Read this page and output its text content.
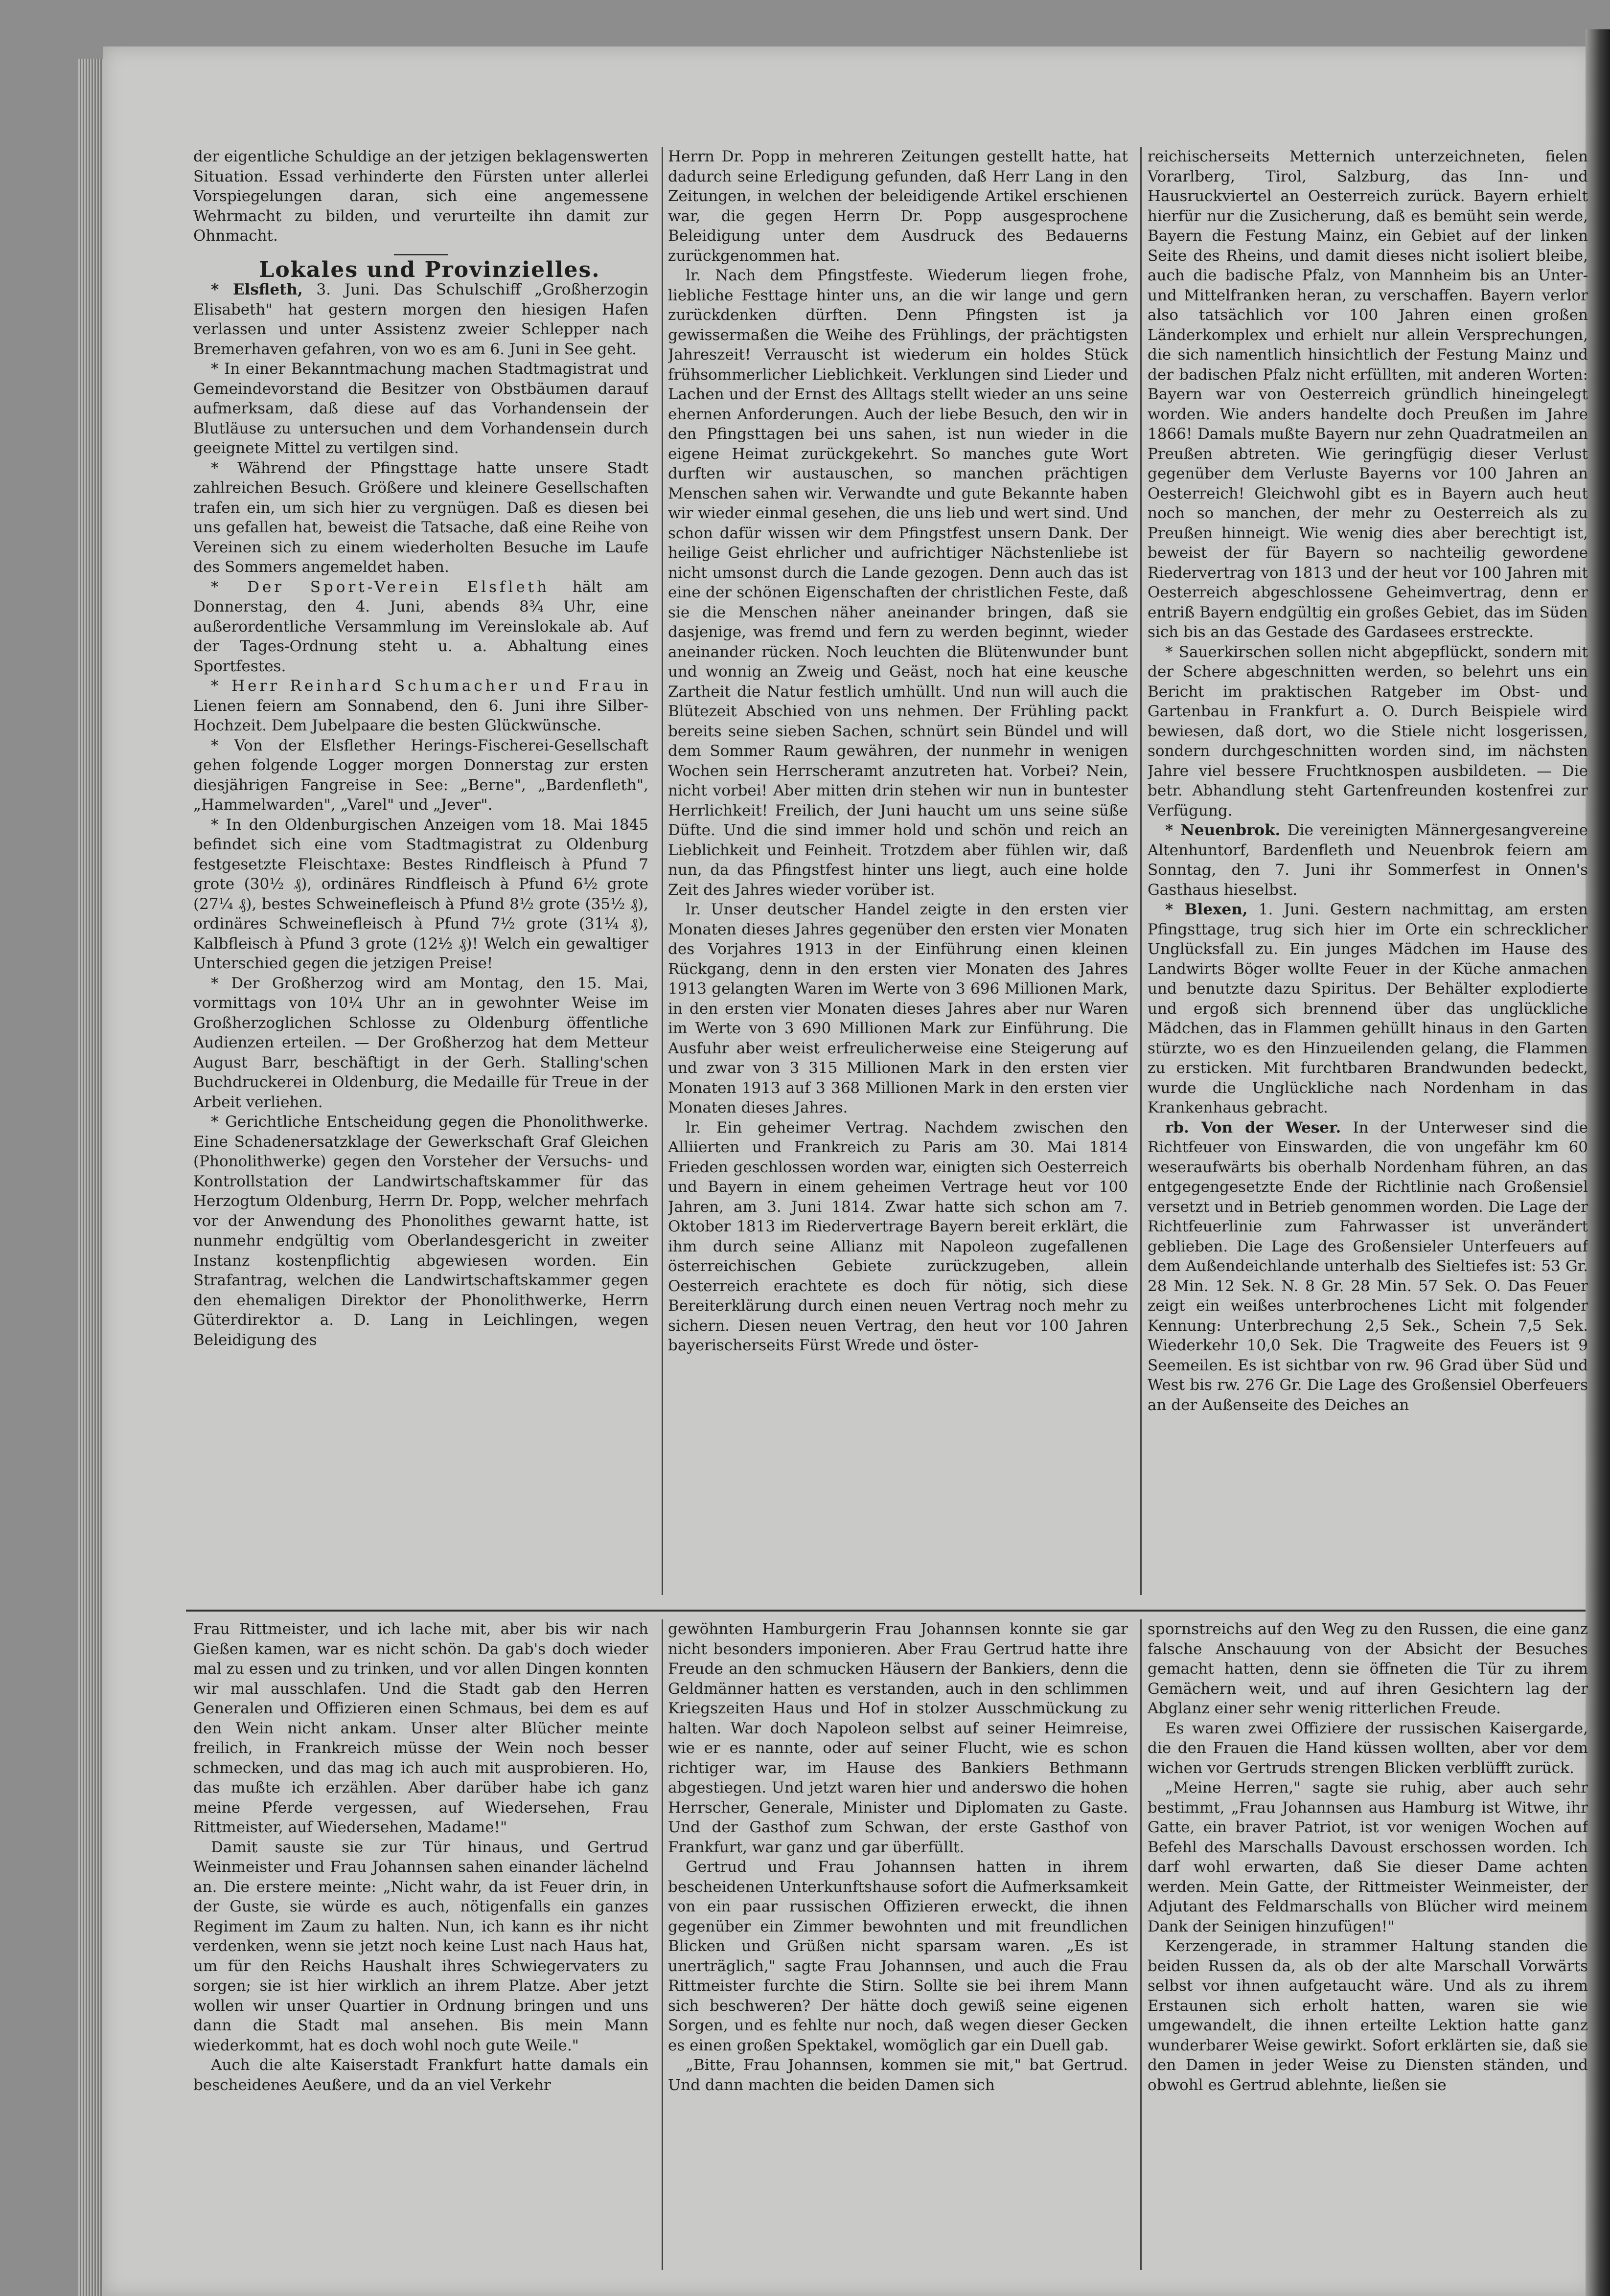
der eigentliche Schuldige an der jetzigen beklagenswerten Situation. Essad verhinderte den Fürsten unter allerlei Vorspiegelungen daran, sich eine angemessene Wehrmacht zu bilden, und verurteilte ihn damit zur Ohnmacht.

Lokales und Provinzielles.

* Elsfleth, 3. Juni. Das Schulschiff „Großherzogin Elisabeth" hat gestern morgen den hiesigen Hafen verlassen und unter Assistenz zweier Schlepper nach Bremerhaven gefahren, von wo es am 6. Juni in See geht.

* In einer Bekanntmachung machen Stadtmagistrat und Gemeindevorstand die Besitzer von Obstbäumen darauf aufmerksam, daß diese auf das Vorhandensein der Blutläuse zu untersuchen und dem Vorhandensein durch geeignete Mittel zu vertilgen sind.

* Während der Pfingsttage hatte unsere Stadt zahlreichen Besuch. Größere und kleinere Gesellschaften trafen ein, um sich hier zu vergnügen. Daß es diesen bei uns gefallen hat, beweist die Tatsache, daß eine Reihe von Vereinen sich zu einem wiederholten Besuche im Laufe des Sommers angemeldet haben.

* Der Sport-Verein Elsfleth hält am Donnerstag, den 4. Juni, abends 8¾ Uhr, eine außerordentliche Versammlung im Vereinslokale ab. Auf der Tages-Ordnung steht u. a. Abhaltung eines Sportfestes.

* Herr Reinhard Schumacher und Frau in Lienen feiern am Sonnabend, den 6. Juni ihre Silber-Hochzeit. Dem Jubelpaare die besten Glückwünsche.

* Von der Elsflether Herings-Fischerei-Gesellschaft gehen folgende Logger morgen Donnerstag zur ersten diesjährigen Fangreise in See: „Berne", „Bardenfleth", „Hammelwarden", „Varel" und „Jever".

* In den Oldenburgischen Anzeigen vom 18. Mai 1845 befindet sich eine vom Stadtmagistrat zu Oldenburg festgesetzte Fleischtaxe: Bestes Rindfleisch à Pfund 7 grote (30½ ₰), ordinäres Rindfleisch à Pfund 6½ grote (27¼ ₰), bestes Schweinefleisch à Pfund 8½ grote (35½ ₰), ordinäres Schweinefleisch à Pfund 7½ grote (31¼ ₰), Kalbfleisch à Pfund 3 grote (12½ ₰)! Welch ein gewaltiger Unterschied gegen die jetzigen Preise!

* Der Großherzog wird am Montag, den 15. Mai, vormittags von 10¼ Uhr an in gewohnter Weise im Großherzoglichen Schlosse zu Oldenburg öffentliche Audienzen erteilen. — Der Großherzog hat dem Metteur August Barr, beschäftigt in der Gerh. Stalling'schen Buchdruckerei in Oldenburg, die Medaille für Treue in der Arbeit verliehen.

* Gerichtliche Entscheidung gegen die Phonolithwerke. Eine Schadenersatzklage der Gewerkschaft Graf Gleichen (Phonolithwerke) gegen den Vorsteher der Versuchs- und Kontrollstation der Landwirtschaftskammer für das Herzogtum Oldenburg, Herrn Dr. Popp, welcher mehrfach vor der Anwendung des Phonolithes gewarnt hatte, ist nunmehr endgültig vom Oberlandesgericht in zweiter Instanz kostenpflichtig abgewiesen worden. Ein Strafantrag, welchen die Landwirtschaftskammer gegen den ehemaligen Direktor der Phonolithwerke, Herrn Güterdirektor a. D. Lang in Leichlingen, wegen Beleidigung des

Herrn Dr. Popp in mehreren Zeitungen gestellt hatte, hat dadurch seine Erledigung gefunden, daß Herr Lang in den Zeitungen, in welchen der beleidigende Artikel erschienen war, die gegen Herrn Dr. Popp ausgesprochene Beleidigung unter dem Ausdruck des Bedauerns zurückgenommen hat.

lr. Nach dem Pfingstfeste. Wiederum liegen frohe, liebliche Festtage hinter uns, an die wir lange und gern zurückdenken dürften. Denn Pfingsten ist ja gewissermaßen die Weihe des Frühlings, der prächtigsten Jahreszeit! Verrauscht ist wiederum ein holdes Stück frühsommerlicher Lieblichkeit. Verklungen sind Lieder und Lachen und der Ernst des Alltags stellt wieder an uns seine ehernen Anforderungen. Auch der liebe Besuch, den wir in den Pfingsttagen bei uns sahen, ist nun wieder in die eigene Heimat zurückgekehrt. So manches gute Wort durften wir austauschen, so manchen prächtigen Menschen sahen wir. Verwandte und gute Bekannte haben wir wieder einmal gesehen, die uns lieb und wert sind. Und schon dafür wissen wir dem Pfingstfest unsern Dank. Der heilige Geist ehrlicher und aufrichtiger Nächstenliebe ist nicht umsonst durch die Lande gezogen. Denn auch das ist eine der schönen Eigenschaften der christlichen Feste, daß sie die Menschen näher aneinander bringen, daß sie dasjenige, was fremd und fern zu werden beginnt, wieder aneinander rücken. Noch leuchten die Blütenwunder bunt und wonnig an Zweig und Geäst, noch hat eine keusche Zartheit die Natur festlich umhüllt. Und nun will auch die Blütezeit Abschied von uns nehmen. Der Frühling packt bereits seine sieben Sachen, schnürt sein Bündel und will dem Sommer Raum gewähren, der nunmehr in wenigen Wochen sein Herrscheramt anzutreten hat. Vorbei? Nein, nicht vorbei! Aber mitten drin stehen wir nun in buntester Herrlichkeit! Freilich, der Juni haucht um uns seine süße Düfte. Und die sind immer hold und schön und reich an Lieblichkeit und Feinheit. Trotzdem aber fühlen wir, daß nun, da das Pfingstfest hinter uns liegt, auch eine holde Zeit des Jahres wieder vorüber ist.

lr. Unser deutscher Handel zeigte in den ersten vier Monaten dieses Jahres gegenüber den ersten vier Monaten des Vorjahres 1913 in der Einführung einen kleinen Rückgang, denn in den ersten vier Monaten des Jahres 1913 gelangten Waren im Werte von 3 696 Millionen Mark, in den ersten vier Monaten dieses Jahres aber nur Waren im Werte von 3 690 Millionen Mark zur Einführung. Die Ausfuhr aber weist erfreulicherweise eine Steigerung auf und zwar von 3 315 Millionen Mark in den ersten vier Monaten 1913 auf 3 368 Millionen Mark in den ersten vier Monaten dieses Jahres.

lr. Ein geheimer Vertrag. Nachdem zwischen den Alliierten und Frankreich zu Paris am 30. Mai 1814 Frieden geschlossen worden war, einigten sich Oesterreich und Bayern in einem geheimen Vertrage heut vor 100 Jahren, am 3. Juni 1814. Zwar hatte sich schon am 7. Oktober 1813 im Riedervertrage Bayern bereit erklärt, die ihm durch seine Allianz mit Napoleon zugefallenen österreichischen Gebiete zurückzugeben, allein Oesterreich erachtete es doch für nötig, sich diese Bereiterklärung durch einen neuen Vertrag noch mehr zu sichern. Diesen neuen Vertrag, den heut vor 100 Jahren bayerischerseits Fürst Wrede und öster-

reichischerseits Metternich unterzeichneten, fielen Vorarlberg, Tirol, Salzburg, das Inn- und Hausruckviertel an Oesterreich zurück. Bayern erhielt hierfür nur die Zusicherung, daß es bemüht sein werde, Bayern die Festung Mainz, ein Gebiet auf der linken Seite des Rheins, und damit dieses nicht isoliert bleibe, auch die badische Pfalz, von Mannheim bis an Unter- und Mittelfranken heran, zu verschaffen. Bayern verlor also tatsächlich vor 100 Jahren einen großen Länderkomplex und erhielt nur allein Versprechungen, die sich namentlich hinsichtlich der Festung Mainz und der badischen Pfalz nicht erfüllten, mit anderen Worten: Bayern war von Oesterreich gründlich hineingelegt worden. Wie anders handelte doch Preußen im Jahre 1866! Damals mußte Bayern nur zehn Quadratmeilen an Preußen abtreten. Wie geringfügig dieser Verlust gegenüber dem Verluste Bayerns vor 100 Jahren an Oesterreich! Gleichwohl gibt es in Bayern auch heut noch so manchen, der mehr zu Oesterreich als zu Preußen hinneigt. Wie wenig dies aber berechtigt ist, beweist der für Bayern so nachteilig gewordene Riedervertrag von 1813 und der heut vor 100 Jahren mit Oesterreich abgeschlossene Geheimvertrag, denn er entriß Bayern endgültig ein großes Gebiet, das im Süden sich bis an das Gestade des Gardasees erstreckte.

* Sauerkirschen sollen nicht abgepflückt, sondern mit der Schere abgeschnitten werden, so belehrt uns ein Bericht im praktischen Ratgeber im Obst- und Gartenbau in Frankfurt a. O. Durch Beispiele wird bewiesen, daß dort, wo die Stiele nicht losgerissen, sondern durchgeschnitten worden sind, im nächsten Jahre viel bessere Fruchtknospen ausbildeten. — Die betr. Abhandlung steht Gartenfreunden kostenfrei zur Verfügung.

* Neuenbrok. Die vereinigten Männergesangvereine Altenhuntorf, Bardenfleth und Neuenbrok feiern am Sonntag, den 7. Juni ihr Sommerfest in Onnen's Gasthaus hieselbst.

* Blexen, 1. Juni. Gestern nachmittag, am ersten Pfingsttage, trug sich hier im Orte ein schrecklicher Unglücksfall zu. Ein junges Mädchen im Hause des Landwirts Böger wollte Feuer in der Küche anmachen und benutzte dazu Spiritus. Der Behälter explodierte und ergoß sich brennend über das unglückliche Mädchen, das in Flammen gehüllt hinaus in den Garten stürzte, wo es den Hinzueilenden gelang, die Flammen zu ersticken. Mit furchtbaren Brandwunden bedeckt, wurde die Unglückliche nach Nordenham in das Krankenhaus gebracht.

rb. Von der Weser. In der Unterweser sind die Richtfeuer von Einswarden, die von ungefähr km 60 weseraufwärts bis oberhalb Nordenham führen, an das entgegengesetzte Ende der Richtlinie nach Großensiel versetzt und in Betrieb genommen worden. Die Lage der Richtfeuerlinie zum Fahrwasser ist unverändert geblieben. Die Lage des Großensieler Unterfeuers auf dem Außendeichlande unterhalb des Sieltiefes ist: 53 Gr. 28 Min. 12 Sek. N. 8 Gr. 28 Min. 57 Sek. O. Das Feuer zeigt ein weißes unterbrochenes Licht mit folgender Kennung: Unterbrechung 2,5 Sek., Schein 7,5 Sek. Wiederkehr 10,0 Sek. Die Tragweite des Feuers ist 9 Seemeilen. Es ist sichtbar von rw. 96 Grad über Süd und West bis rw. 276 Gr. Die Lage des Großensiel Oberfeuers an der Außenseite des Deiches an

Frau Rittmeister, und ich lache mit, aber bis wir nach Gießen kamen, war es nicht schön. Da gab's doch wieder mal zu essen und zu trinken, und vor allen Dingen konnten wir mal ausschlafen. Und die Stadt gab den Herren Generalen und Offizieren einen Schmaus, bei dem es auf den Wein nicht ankam. Unser alter Blücher meinte freilich, in Frankreich müsse der Wein noch besser schmecken, und das mag ich auch mit ausprobieren. Ho, das mußte ich erzählen. Aber darüber habe ich ganz meine Pferde vergessen, auf Wiedersehen, Frau Rittmeister, auf Wiedersehen, Madame!"

Damit sauste sie zur Tür hinaus, und Gertrud Weinmeister und Frau Johannsen sahen einander lächelnd an. Die erstere meinte: „Nicht wahr, da ist Feuer drin, in der Guste, sie würde es auch, nötigenfalls ein ganzes Regiment im Zaum zu halten. Nun, ich kann es ihr nicht verdenken, wenn sie jetzt noch keine Lust nach Haus hat, um für den Reichs Haushalt ihres Schwiegervaters zu sorgen; sie ist hier wirklich an ihrem Platze. Aber jetzt wollen wir unser Quartier in Ordnung bringen und uns dann die Stadt mal ansehen. Bis mein Mann wiederkommt, hat es doch wohl noch gute Weile."

Auch die alte Kaiserstadt Frankfurt hatte damals ein bescheidenes Aeußere, und da an viel Verkehr

gewöhnten Hamburgerin Frau Johannsen konnte sie gar nicht besonders imponieren. Aber Frau Gertrud hatte ihre Freude an den schmucken Häusern der Bankiers, denn die Geldmänner hatten es verstanden, auch in den schlimmen Kriegszeiten Haus und Hof in stolzer Ausschmückung zu halten. War doch Napoleon selbst auf seiner Heimreise, wie er es nannte, oder auf seiner Flucht, wie es schon richtiger war, im Hause des Bankiers Bethmann abgestiegen. Und jetzt waren hier und anderswo die hohen Herrscher, Generale, Minister und Diplomaten zu Gaste. Und der Gasthof zum Schwan, der erste Gasthof von Frankfurt, war ganz und gar überfüllt.

Gertrud und Frau Johannsen hatten in ihrem bescheidenen Unterkunftshause sofort die Aufmerksamkeit von ein paar russischen Offizieren erweckt, die ihnen gegenüber ein Zimmer bewohnten und mit freundlichen Blicken und Grüßen nicht sparsam waren. „Es ist unerträglich," sagte Frau Johannsen, und auch die Frau Rittmeister furchte die Stirn. Sollte sie bei ihrem Mann sich beschweren? Der hätte doch gewiß seine eigenen Sorgen, und es fehlte nur noch, daß wegen dieser Gecken es einen großen Spektakel, womöglich gar ein Duell gab.

„Bitte, Frau Johannsen, kommen sie mit," bat Gertrud. Und dann machten die beiden Damen sich

spornstreichs auf den Weg zu den Russen, die eine ganz falsche Anschauung von der Absicht der Besuches gemacht hatten, denn sie öffneten die Tür zu ihrem Gemächern weit, und auf ihren Gesichtern lag der Abglanz einer sehr wenig ritterlichen Freude.

Es waren zwei Offiziere der russischen Kaisergarde, die den Frauen die Hand küssen wollten, aber vor dem wichen vor Gertruds strengen Blicken verblüfft zurück.

„Meine Herren," sagte sie ruhig, aber auch sehr bestimmt, „Frau Johannsen aus Hamburg ist Witwe, ihr Gatte, ein braver Patriot, ist vor wenigen Wochen auf Befehl des Marschalls Davoust erschossen worden. Ich darf wohl erwarten, daß Sie dieser Dame achten werden. Mein Gatte, der Rittmeister Weinmeister, der Adjutant des Feldmarschalls von Blücher wird meinem Dank der Seinigen hinzufügen!"

Kerzengerade, in strammer Haltung standen die beiden Russen da, als ob der alte Marschall Vorwärts selbst vor ihnen aufgetaucht wäre. Und als zu ihrem Erstaunen sich erholt hatten, waren sie wie umgewandelt, die ihnen erteilte Lektion hatte ganz wunderbarer Weise gewirkt. Sofort erklärten sie, daß sie den Damen in jeder Weise zu Diensten ständen, und obwohl es Gertrud ablehnte, ließen sie
